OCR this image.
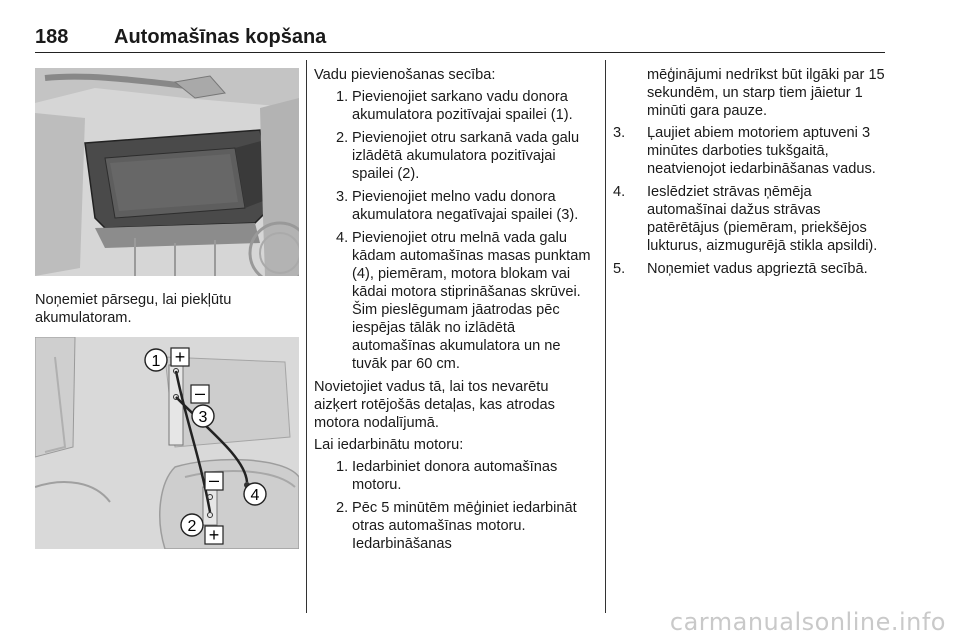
188 Automašīnas kopšana
Noņemiet pārsegu, lai piekļūtu akumulatoram.
+
–
–
+
1
2
3
4

Vadu pievienošanas secība:

1. Pievienojiet sarkano vadu donora akumulatora pozitīvajai spailei (1).
2. Pievienojiet otru sarkanā vada galu izlādētā akumulatora pozitīvajai spailei (2).
3. Pievienojiet melno vadu donora akumulatora negatīvajai spailei (3).
4. Pievienojiet otru melnā vada galu kādam automašīnas masas punktam (4), piemēram, motora blokam vai kādai motora stiprināšanas skrūvei. Šim pieslēgumam jāatrodas pēc iespējas tālāk no izlādētā automašīnas akumulatora un ne tuvāk par 60 cm.

Novietojiet vadus tā, lai tos nevarētu aizķert rotējošās detaļas, kas atrodas motora nodalījumā.

Lai iedarbinātu motoru:

1. Iedarbiniet donora automašīnas motoru.
2. Pēc 5 minūtēm mēģiniet iedarbināt otras automašīnas motoru. Iedarbināšanas

mēģinājumi nedrīkst būt ilgāki par 15 sekundēm, un starp tiem jāietur 1 minūti gara pauze.

3.	Ļaujiet abiem motoriem aptuveni 3 minūtes darboties tukšgaitā, neatvienojot iedarbināšanas vadus.
4.	Ieslēdziet strāvas ņēmēja automašīnai dažus strāvas patērētājus (piemēram, priekšējos lukturus, aizmugurējā stikla apsildi).
5.	Noņemiet vadus apgrieztā secībā.
carmanualsonline.info
